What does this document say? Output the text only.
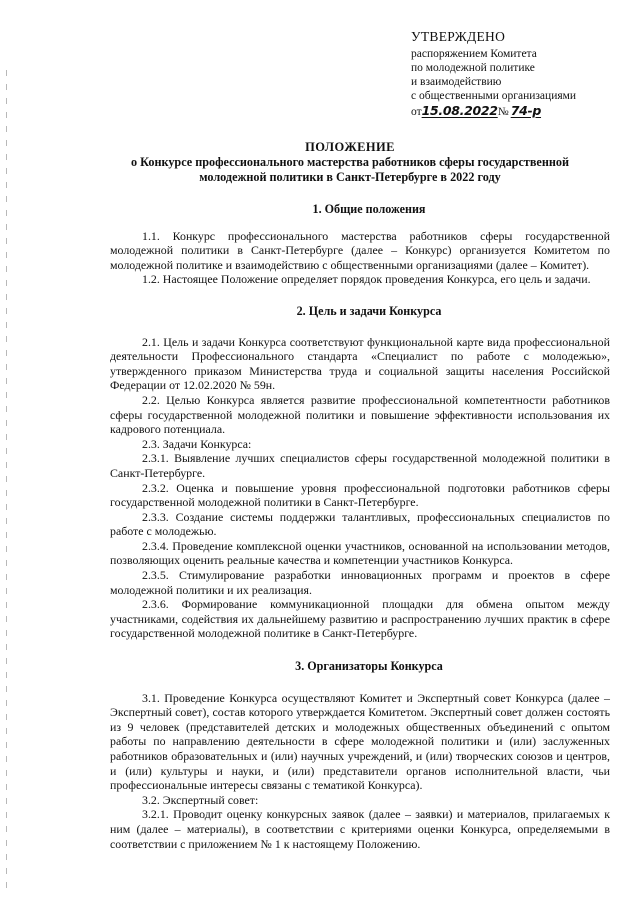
УТВЕРЖДЕНО
распоряжением Комитета
по молодежной политике
и взаимодействию
с общественными организациями
от15.08.2022№ 74-р
ПОЛОЖЕНИЕ
о Конкурсе профессионального мастерства работников сферы государственной
молодежной политики в Санкт-Петербурге в 2022 году
1. Общие положения

1.1. Конкурс профессионального мастерства работников сферы государственной молодежной политики в Санкт-Петербурге (далее – Конкурс) организуется Комитетом по молодежной политике и взаимодействию с общественными организациями (далее – Комитет).

1.2. Настоящее Положение определяет порядок проведения Конкурса, его цель и задачи.

2. Цель и задачи Конкурса

2.1. Цель и задачи Конкурса соответствуют функциональной карте вида профессиональной деятельности Профессионального стандарта «Специалист по работе с молодежью», утвержденного приказом Министерства труда и социальной защиты населения Российской Федерации от 12.02.2020 № 59н.

2.2. Целью Конкурса является развитие профессиональной компетентности работников сферы государственной молодежной политики и повышение эффективности использования их кадрового потенциала.

2.3. Задачи Конкурса:

2.3.1. Выявление лучших специалистов сферы государственной молодежной политики в Санкт-Петербурге.

2.3.2. Оценка и повышение уровня профессиональной подготовки работников сферы государственной молодежной политики в Санкт-Петербурге.

2.3.3. Создание системы поддержки талантливых, профессиональных специалистов по работе с молодежью.

2.3.4. Проведение комплексной оценки участников, основанной на использовании методов, позволяющих оценить реальные качества и компетенции участников Конкурса.

2.3.5. Стимулирование разработки инновационных программ и проектов в сфере молодежной политики и их реализация.

2.3.6. Формирование коммуникационной площадки для обмена опытом между участниками, содействия их дальнейшему развитию и распространению лучших практик в сфере государственной молодежной политике в Санкт-Петербурге.

3. Организаторы Конкурса

3.1. Проведение Конкурса осуществляют Комитет и Экспертный совет Конкурса (далее – Экспертный совет), состав которого утверждается Комитетом. Экспертный совет должен состоять из 9 человек (представителей детских и молодежных общественных объединений с опытом работы по направлению деятельности в сфере молодежной политики и (или) заслуженных работников образовательных и (или) научных учреждений, и (или) творческих союзов и центров, и (или) культуры и науки, и (или) представители органов исполнительной власти, чьи профессиональные интересы связаны с тематикой Конкурса).

3.2. Экспертный совет:

3.2.1. Проводит оценку конкурсных заявок (далее – заявки) и материалов, прилагаемых к ним (далее – материалы), в соответствии с критериями оценки Конкурса, определяемыми в соответствии с приложением № 1 к настоящему Положению.
